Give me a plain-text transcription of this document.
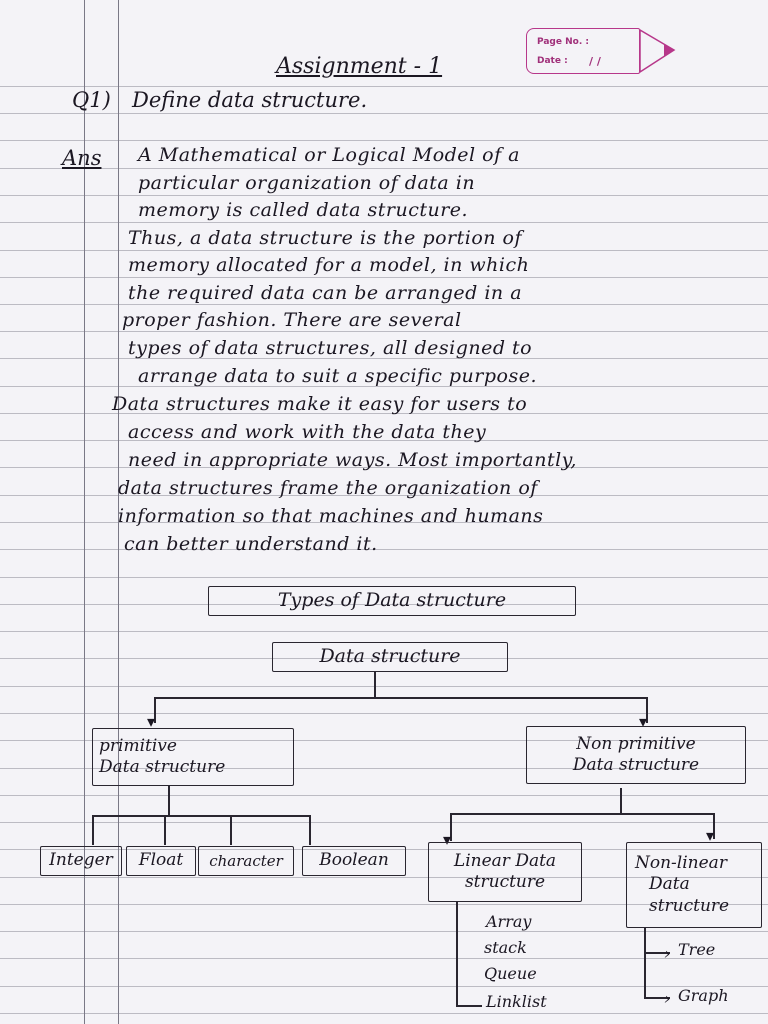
Page No. :
Date : / /
Assignment - 1
Q1) Define data structure.
Ans A Mathematical or Logical Model of a
particular organization of data in
memory is called data structure.
Thus, a data structure is the portion of
memory allocated for a model, in which
the required data can be arranged in a
proper fashion. There are several
types of data structures, all designed to
arrange data to suit a specific purpose.
Data structures make it easy for users to
access and work with the data they
need in appropriate ways. Most importantly,
data structures frame the organization of
information so that machines and humans
can better understand it.
Types of Data structure
Data structure
▾	▾
primitive
Data structure
Non primitive
Data structure
▾	▾
Integer	Float	character	Boolean	Linear Data
structure
Non-linear
Data
structure
Array
stack
Queue
Linklist
›
›
Tree
Graph
